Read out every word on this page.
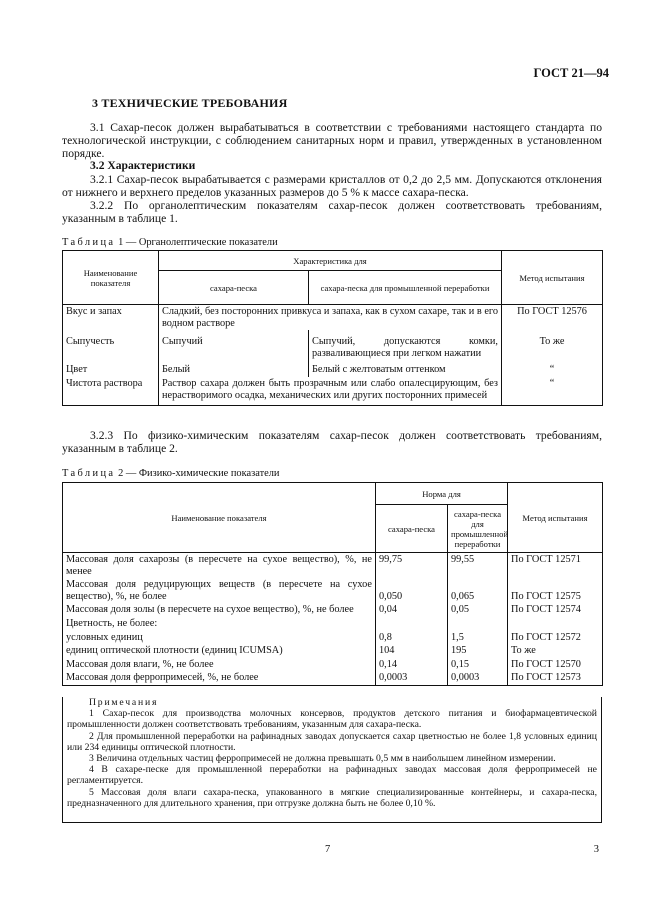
ГОСТ 21—94
3 ТЕХНИЧЕСКИЕ ТРЕБОВАНИЯ
3.1 Сахар-песок должен вырабатываться в соответствии с требованиями настоящего стандарта по технологической инструкции, с соблюдением санитарных норм и правил, утвержденных в установленном порядке.
3.2 Характеристики
3.2.1 Сахар-песок вырабатывается с размерами кристаллов от 0,2 до 2,5 мм. Допускаются отклонения от нижнего и верхнего пределов указанных размеров до 5 % к массе сахара-песка.
3.2.2 По органолептическим показателям сахар-песок должен соответствовать требованиям, указанным в таблице 1.
Таблица 1 — Органолептические показатели
Наименование показателя	Характеристика для		Метод испытания
	сахара-песка	сахара-песка для промышленной переработки	
Вкус и запах	Сладкий, без посторонних привкуса и запаха, как в сухом сахаре, так и в его водном растворе		По ГОСТ 12576
Сыпучесть	Сыпучий	Сыпучий, допускаются комки, разваливающиеся при легком нажатии	То же
Цвет	Белый	Белый с желтоватым оттенком	“
Чистота раствора	Раствор сахара должен быть прозрачным или слабо опалесцирующим, без нерастворимого осадка, механических или других посторонних примесей		“
3.2.3 По физико-химическим показателям сахар-песок должен соответствовать требованиям, указанным в таблице 2.
Таблица 2 — Физико-химические показатели
Наименование показателя	Норма для		Метод испытания
	сахара-песка	сахара-песка для промышленной переработки	
Массовая доля сахарозы (в пересчете на сухое вещество), %, не менее	99,75	99,55	По ГОСТ 12571
Массовая доля редуцирующих веществ (в пересчете на сухое вещество), %, не более	0,050	0,065	По ГОСТ 12575
Массовая доля золы (в пересчете на сухое вещество), %, не более	0,04	0,05	По ГОСТ 12574
Цветность, не более:			
условных единиц	0,8	1,5	По ГОСТ 12572
единиц оптической плотности (единиц ICUMSA)	104	195	То же
Массовая доля влаги, %, не более	0,14	0,15	По ГОСТ 12570
Массовая доля ферропримесей, %, не более	0,0003	0,0003	По ГОСТ 12573
Примечания

1 Сахар-песок для производства молочных консервов, продуктов детского питания и биофармацевтической промышленности должен соответствовать требованиям, указанным для сахара-песка.

2 Для промышленной переработки на рафинадных заводах допускается сахар цветностью не более 1,8 условных единиц или 234 единицы оптической плотности.

3 Величина отдельных частиц ферропримесей не должна превышать 0,5 мм в наибольшем линейном измерении.

4 В сахаре-песке для промышленной переработки на рафинадных заводах массовая доля ферропримесей не регламентируется.

5 Массовая доля влаги сахара-песка, упакованного в мягкие специализированные контейнеры, и сахара-песка, предназначенного для длительного хранения, при отгрузке должна быть не более 0,10 %.

7	3
